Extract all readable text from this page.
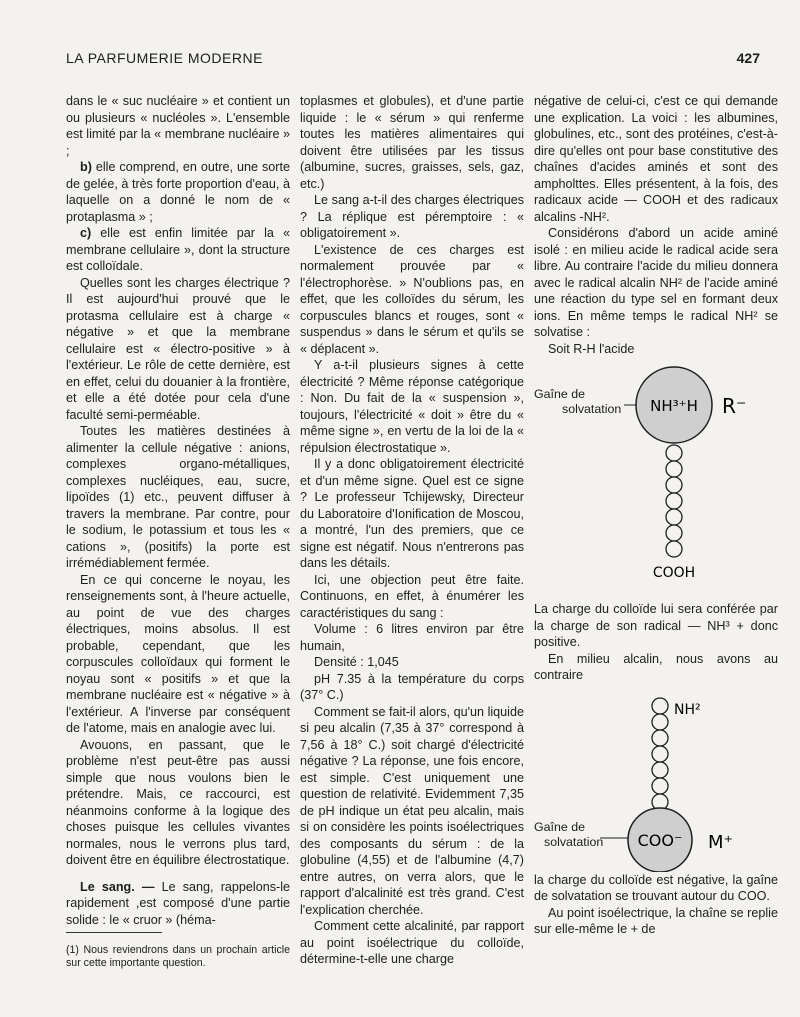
LA PARFUMERIE MODERNE	427

dans le « suc nucléaire » et contient un ou plusieurs « nucléoles ». L'ensemble est limité par la « membrane nucléaire » ;

b) elle comprend, en outre, une sorte de gelée, à très forte proportion d'eau, à laquelle on a donné le nom de « protaplasma » ;

c) elle est enfin limitée par la « membrane cellulaire », dont la structure est colloïdale.

Quelles sont les charges électrique ? Il est aujourd'hui prouvé que le protasma cellulaire est à charge « négative » et que la membrane cellulaire est « électro-positive » à l'extérieur. Le rôle de cette dernière, est en effet, celui du douanier à la frontière, et elle a été dotée pour cela d'une faculté semi-perméable.

Toutes les matières destinées à alimenter la cellule négative : anions, complexes organo-métalliques, complexes nucléiques, eau, sucre, lipoïdes (1) etc., peuvent diffuser à travers la membrane. Par contre, pour le sodium, le potassium et tous les « cations », (positifs) la porte est irrémédiablement fermée.

En ce qui concerne le noyau, les renseignements sont, à l'heure actuelle, au point de vue des charges électriques, moins absolus. Il est probable, cependant, que les corpuscules colloïdaux qui forment le noyau sont « positifs » et que la membrane nucléaire est « négative » à l'extérieur. A l'inverse par conséquent de l'atome, mais en analogie avec lui.

Avouons, en passant, que le problème n'est peut-être pas aussi simple que nous voulons bien le prétendre. Mais, ce raccourci, est néanmoins conforme à la logique des choses puisque les cellules vivantes normales, nous le verrons plus tard, doivent être en équilibre électrostatique.

Le sang. — Le sang, rappelons-le rapidement ,est composé d'une partie solide : le « cruor » (héma-

(1) Nous reviendrons dans un prochain article sur cette importante question.

toplasmes et globules), et d'une partie liquide : le « sérum » qui renferme toutes les matières alimentaires qui doivent être utilisées par les tissus (albumine, sucres, graisses, sels, gaz, etc.)

Le sang a-t-il des charges électriques ? La réplique est péremptoire : « obligatoirement ».

L'existence de ces charges est normalement prouvée par « l'électrophorèse. » N'oublions pas, en effet, que les colloïdes du sérum, les corpuscules blancs et rouges, sont « suspendus » dans le sérum et qu'ils se « déplacent ».

Y a-t-il plusieurs signes à cette électricité ? Même réponse catégorique : Non. Du fait de la « suspension », toujours, l'électricité « doit » être du « même signe », en vertu de la loi de la « répulsion électrostatique ».

Il y a donc obligatoirement électricité et d'un même signe. Quel est ce signe ? Le professeur Tchijewsky, Directeur du Laboratoire d'Ionification de Moscou, a montré, l'un des premiers, que ce signe est négatif. Nous n'entrerons pas dans les détails.

Ici, une objection peut être faite. Continuons, en effet, à énumérer les caractéristiques du sang :

Volume : 6 litres environ par être humain,

Densité : 1,045

pH 7.35 à la température du corps (37° C.)

Comment se fait-il alors, qu'un liquide si peu alcalin (7,35 à 37° correspond à 7,56 à 18° C.) soit chargé d'électricité négative ? La réponse, une fois encore, est simple. C'est uniquement une question de relativité. Evidemment 7,35 de pH indique un état peu alcalin, mais si on considère les points isoélectriques des composants du sérum : de la globuline (4,55) et de l'albumine (4,7) entre autres, on verra alors, que le rapport d'alcalinité est très grand. C'est l'explication cherchée.

Comment cette alcalinité, par rapport au point isoélectrique du colloïde, détermine-t-elle une charge

négative de celui-ci, c'est ce qui demande une explication. La voici : les albumines, globulines, etc., sont des protéines, c'est-à-dire qu'elles ont pour base constitutive des chaînes d'acides aminés et sont des ampholttes. Elles présentent, à la fois, des radicaux acide — COOH et des radicaux alcalins -NH².

Considérons d'abord un acide aminé isolé : en milieu acide le radical acide sera libre. Au contraire l'acide du milieu donnera avec le radical alcalin NH² de l'acide aminé une réaction du type sel en formant deux ions. En même temps le radical NH² se solvatise :

Soit R-H l'acide

Gaîne de
solvatation NH³⁺H R⁻
COOH

La charge du colloïde lui sera conférée par la charge de son radical — NH³ + donc positive.

En milieu alcalin, nous avons au contraire

Gaîne de
solvatation
NH²
COO⁻ M⁺

la charge du colloïde est négative, la gaîne de solvatation se trouvant autour du COO.

Au point isoélectrique, la chaîne se replie sur elle-même le + de
